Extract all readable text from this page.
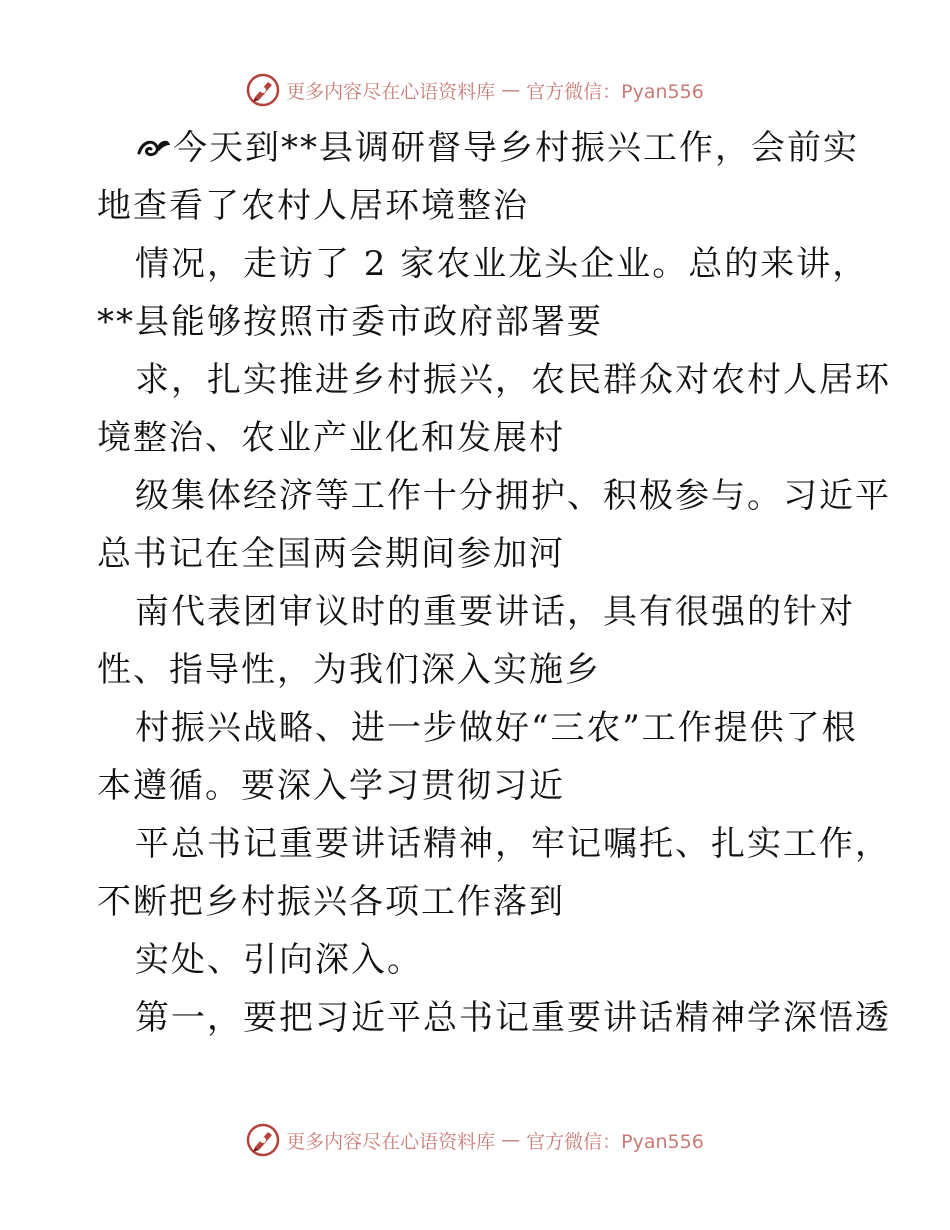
更多内容尽在心语资料库 — 官方微信：Pyan556
今天到**县调研督导乡村振兴工作，会前实
地查看了农村人居环境整治
情况，走访了 2 家农业龙头企业。总的来讲，
**县能够按照市委市政府部署要
求，扎实推进乡村振兴，农民群众对农村人居环
境整治、农业产业化和发展村
级集体经济等工作十分拥护、积极参与。习近平
总书记在全国两会期间参加河
南代表团审议时的重要讲话，具有很强的针对
性、指导性，为我们深入实施乡
村振兴战略、进一步做好“三农”工作提供了根
本遵循。要深入学习贯彻习近
平总书记重要讲话精神，牢记嘱托、扎实工作，
不断把乡村振兴各项工作落到
实处、引向深入。
第一，要把习近平总书记重要讲话精神学深悟透
更多内容尽在心语资料库 — 官方微信：Pyan556
